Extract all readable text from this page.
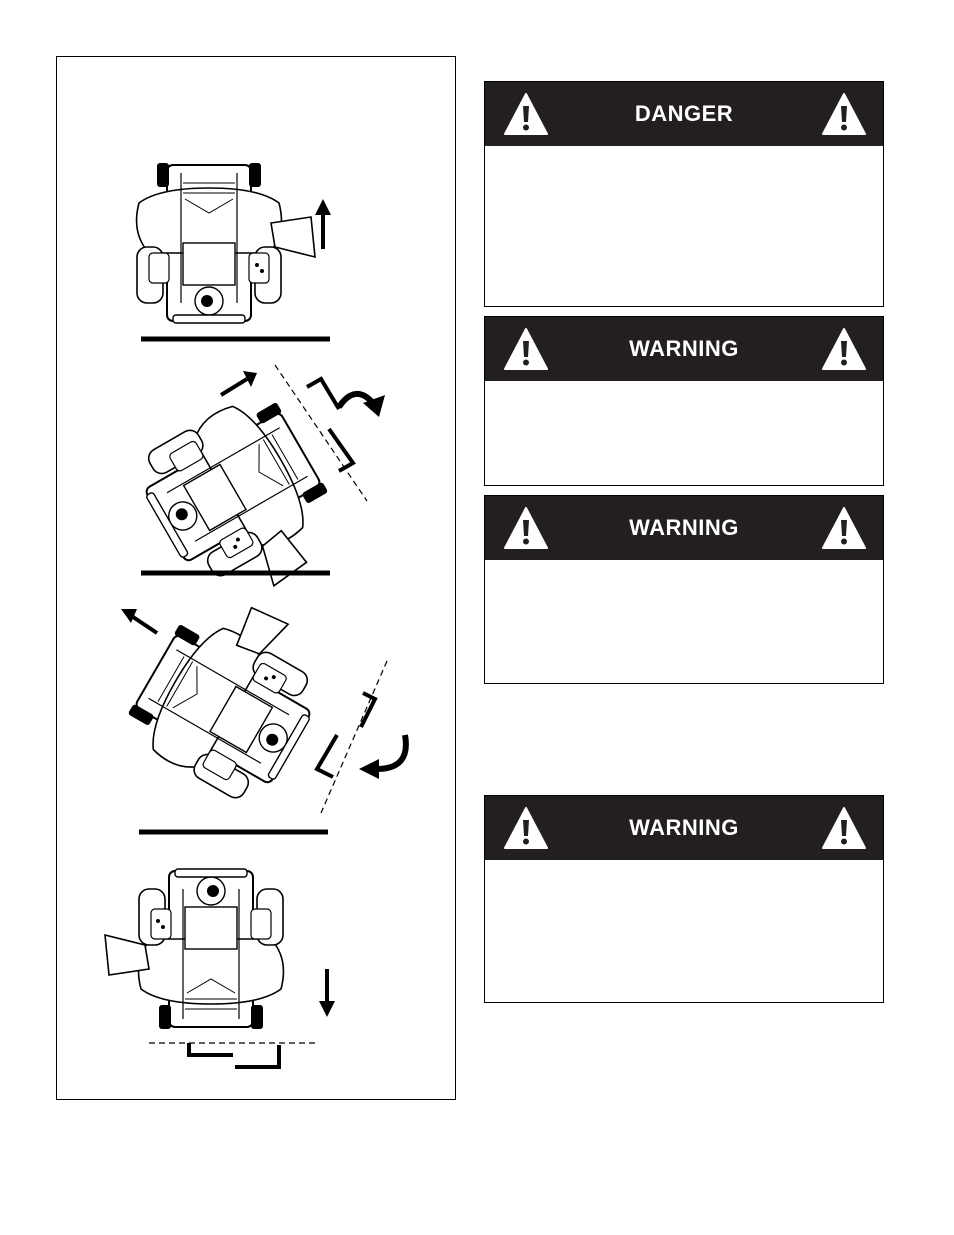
DANGER
WARNING
WARNING
WARNING
